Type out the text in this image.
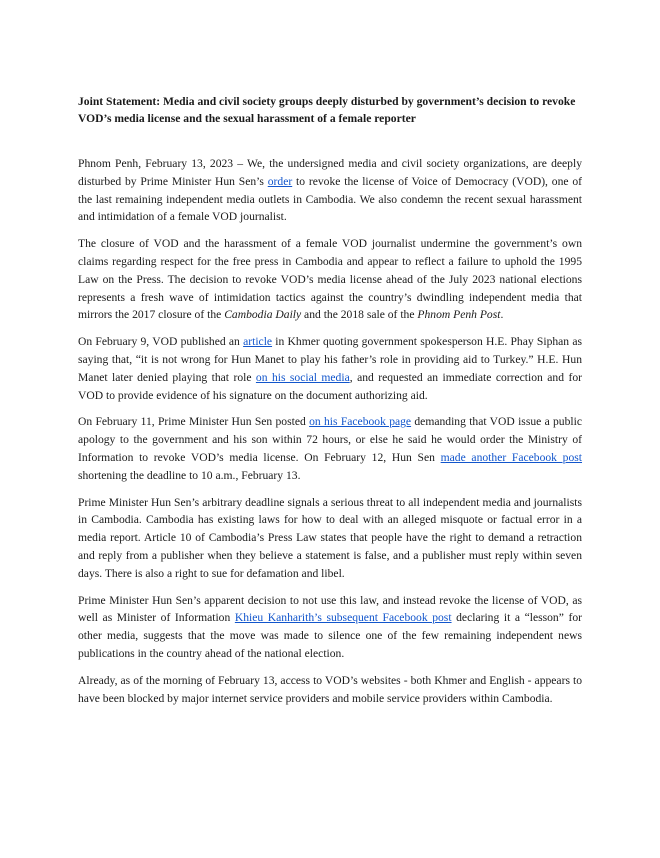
Joint Statement: Media and civil society groups deeply disturbed by government’s decision to revoke VOD’s media license and the sexual harassment of a female reporter

Phnom Penh, February 13, 2023 – We, the undersigned media and civil society organizations, are deeply disturbed by Prime Minister Hun Sen’s order to revoke the license of Voice of Democracy (VOD), one of the last remaining independent media outlets in Cambodia. We also condemn the recent sexual harassment and intimidation of a female VOD journalist.

The closure of VOD and the harassment of a female VOD journalist undermine the government’s own claims regarding respect for the free press in Cambodia and appear to reflect a failure to uphold the 1995 Law on the Press. The decision to revoke VOD’s media license ahead of the July 2023 national elections represents a fresh wave of intimidation tactics against the country’s dwindling independent media that mirrors the 2017 closure of the Cambodia Daily and the 2018 sale of the Phnom Penh Post.

On February 9, VOD published an article in Khmer quoting government spokesperson H.E. Phay Siphan as saying that, “it is not wrong for Hun Manet to play his father’s role in providing aid to Turkey.” H.E. Hun Manet later denied playing that role on his social media, and requested an immediate correction and for VOD to provide evidence of his signature on the document authorizing aid.

On February 11, Prime Minister Hun Sen posted on his Facebook page demanding that VOD issue a public apology to the government and his son within 72 hours, or else he said he would order the Ministry of Information to revoke VOD’s media license. On February 12, Hun Sen made another Facebook post shortening the deadline to 10 a.m., February 13.

Prime Minister Hun Sen’s arbitrary deadline signals a serious threat to all independent media and journalists in Cambodia. Cambodia has existing laws for how to deal with an alleged misquote or factual error in a media report. Article 10 of Cambodia’s Press Law states that people have the right to demand a retraction and reply from a publisher when they believe a statement is false, and a publisher must reply within seven days. There is also a right to sue for defamation and libel.

Prime Minister Hun Sen’s apparent decision to not use this law, and instead revoke the license of VOD, as well as Minister of Information Khieu Kanharith’s subsequent Facebook post declaring it a “lesson” for other media, suggests that the move was made to silence one of the few remaining independent news publications in the country ahead of the national election.

Already, as of the morning of February 13, access to VOD’s websites - both Khmer and English - appears to have been blocked by major internet service providers and mobile service providers within Cambodia.
